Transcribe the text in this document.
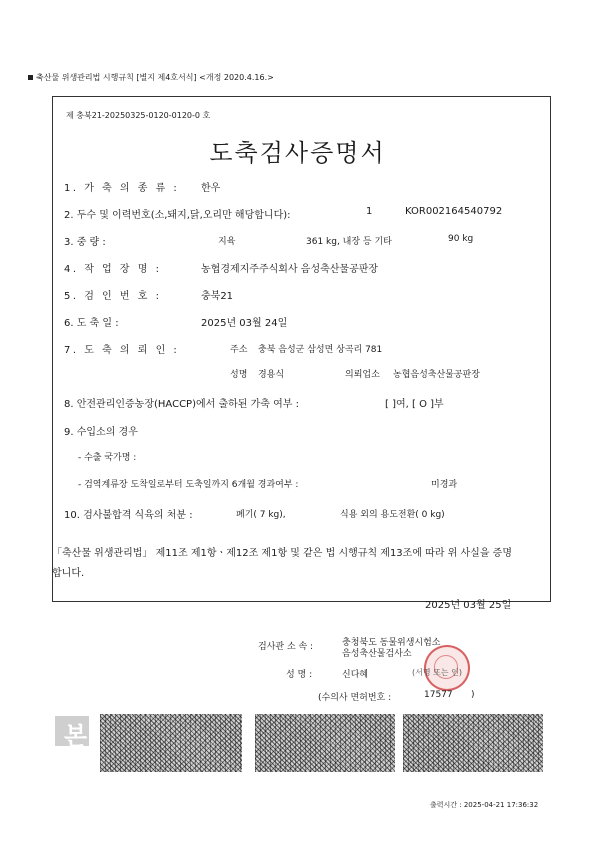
축산물 위생관리법 시행규칙 [별지 제4호서식] <개정 2020.4.16.>
제 충북21-20250325-0120-0120-0 호
도축검사증명서
1. 가 축 의 종 류 : 한우
2. 두수 및 이력번호(소,돼지,닭,오리만 해당합니다):	1	KOR002164540792
3. 중 량 :	지육	361 kg, 내장 등 기타	90 kg
4. 작 업 장 명 :	농협경제지주주식회사 음성축산물공판장
5. 검 인 번 호 :	충북21
6. 도 축 일 :	2025년 03월 24일
7. 도 축 의 뢰 인 :	주소 충북 음성군 삼성면 상곡리 781
성명 경용식	의뢰업소 농협음성축산물공판장
8. 안전관리인증농장(HACCP)에서 출하된 가축 여부 :	[ ]여, [ O ]부
9. 수입소의 경우
- 수출 국가명 :
- 검역계류장 도착일로부터 도축일까지 6개월 경과여부 :	미경과
10. 검사불합격 식육의 처분 :	폐기( 7 kg),	식용 외의 용도전환( 0 kg)
「축산물 위생관리법」 제11조 제1항ㆍ제12조 제1항 및 같은 법 시행규칙 제13조에 따라 위 사실을 증명
합니다.
2025년 03월 25일
검사관 소 속 :	충청북도 동물위생시험소
음성축산물검사소
성 명 :	신다혜	(서명 또는 인)
(수의사 면허번호 :	17577 )
본
출력시간 : 2025-04-21 17:36:32
